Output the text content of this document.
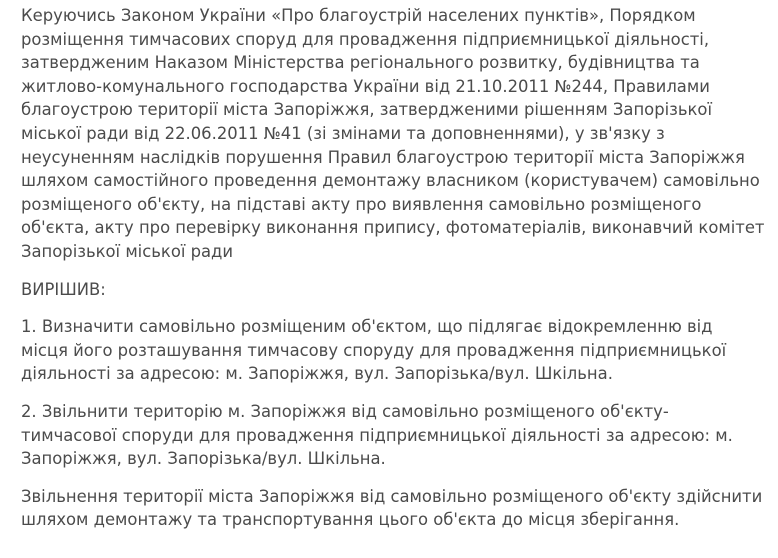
Керуючись Законом України «Про благоустрій населених пунктів», Порядком
розміщення тимчасових споруд для провадження підприємницької діяльності,
затвердженим Наказом Міністерства регіонального розвитку, будівництва та
житлово-комунального господарства України від 21.10.2011 №244, Правилами
благоустрою території міста Запоріжжя, затвердженими рішенням Запорізької
міської ради від 22.06.2011 №41 (зі змінами та доповненнями), у зв'язку з
неусуненням наслідків порушення Правил благоустрою території міста Запоріжжя
шляхом самостійного проведення демонтажу власником (користувачем) самовільно
розміщеного об'єкту, на підставі акту про виявлення самовільно розміщеного
об'єкта, акту про перевірку виконання припису, фотоматеріалів, виконавчий комітет
Запорізької міської ради

ВИРІШИВ:

1. Визначити самовільно розміщеним об'єктом, що підлягає відокремленню від
місця його розташування тимчасову споруду для провадження підприємницької
діяльності за адресою: м. Запоріжжя, вул. Запорізька/вул. Шкільна.

2. Звільнити територію м. Запоріжжя від самовільно розміщеного об'єкту-
тимчасової споруди для провадження підприємницької діяльності за адресою: м.
Запоріжжя, вул. Запорізька/вул. Шкільна.

Звільнення території міста Запоріжжя від самовільно розміщеного об'єкту здійснити
шляхом демонтажу та транспортування цього об'єкта до місця зберігання.
